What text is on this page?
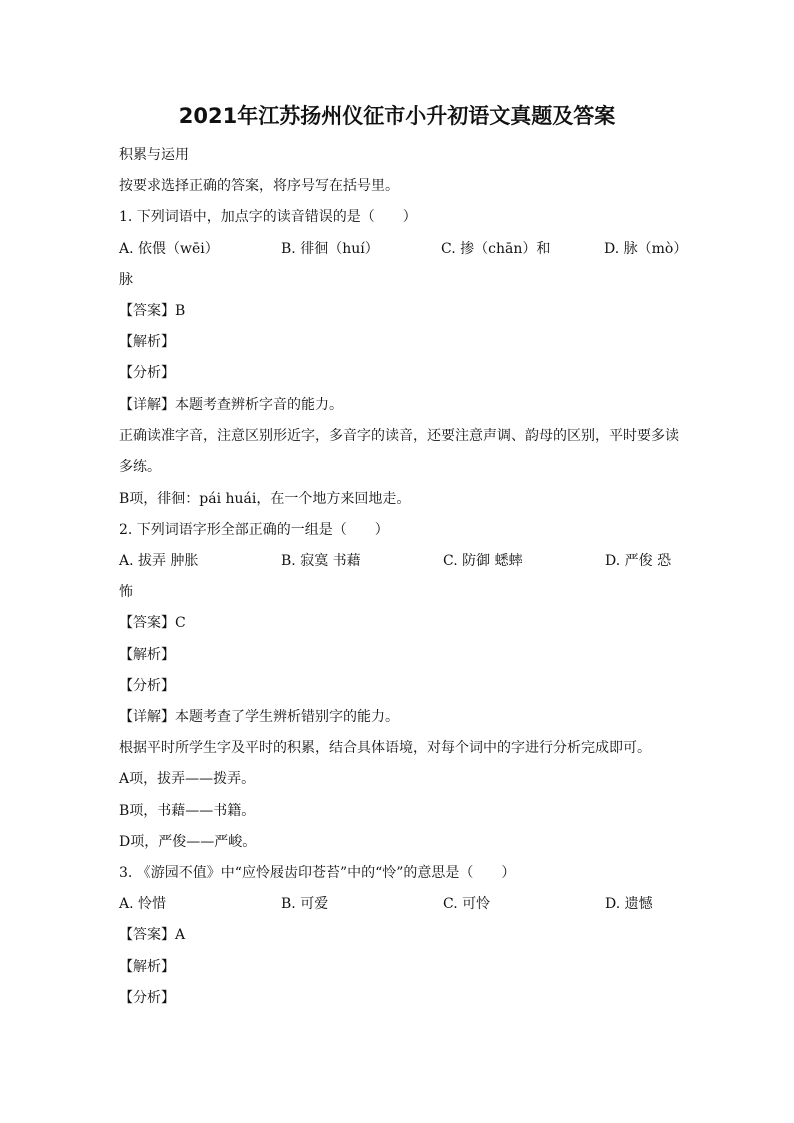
2021年江苏扬州仪征市小升初语文真题及答案
积累与运用
按要求选择正确的答案，将序号写在括号里。
1. 下列词语中，加点字的读音错误的是（　　）
A. 依偎（wēi）	B. 徘徊（huí）	C. 掺（chān）和	D. 脉（mò）
脉
【答案】B
【解析】
【分析】
【详解】本题考查辨析字音的能力。
正确读准字音，注意区别形近字，多音字的读音，还要注意声调、韵母的区别，平时要多读
多练。
B项，徘徊：pái huái，在一个地方来回地走。
2. 下列词语字形全部正确的一组是（　　）
A. 拔弄 肿胀	B. 寂寞 书藉	C. 防御 蟋蟀	D. 严俊 恐
怖
【答案】C
【解析】
【分析】
【详解】本题考查了学生辨析错别字的能力。
根据平时所学生字及平时的积累，结合具体语境，对每个词中的字进行分析完成即可。
A项，拔弄——拨弄。
B项，书藉——书籍。
D项，严俊——严峻。
3. 《游园不值》中“应怜屐齿印苍苔”中的“怜”的意思是（　　）
A. 怜惜	B. 可爱	C. 可怜	D. 遗憾
【答案】A
【解析】
【分析】
